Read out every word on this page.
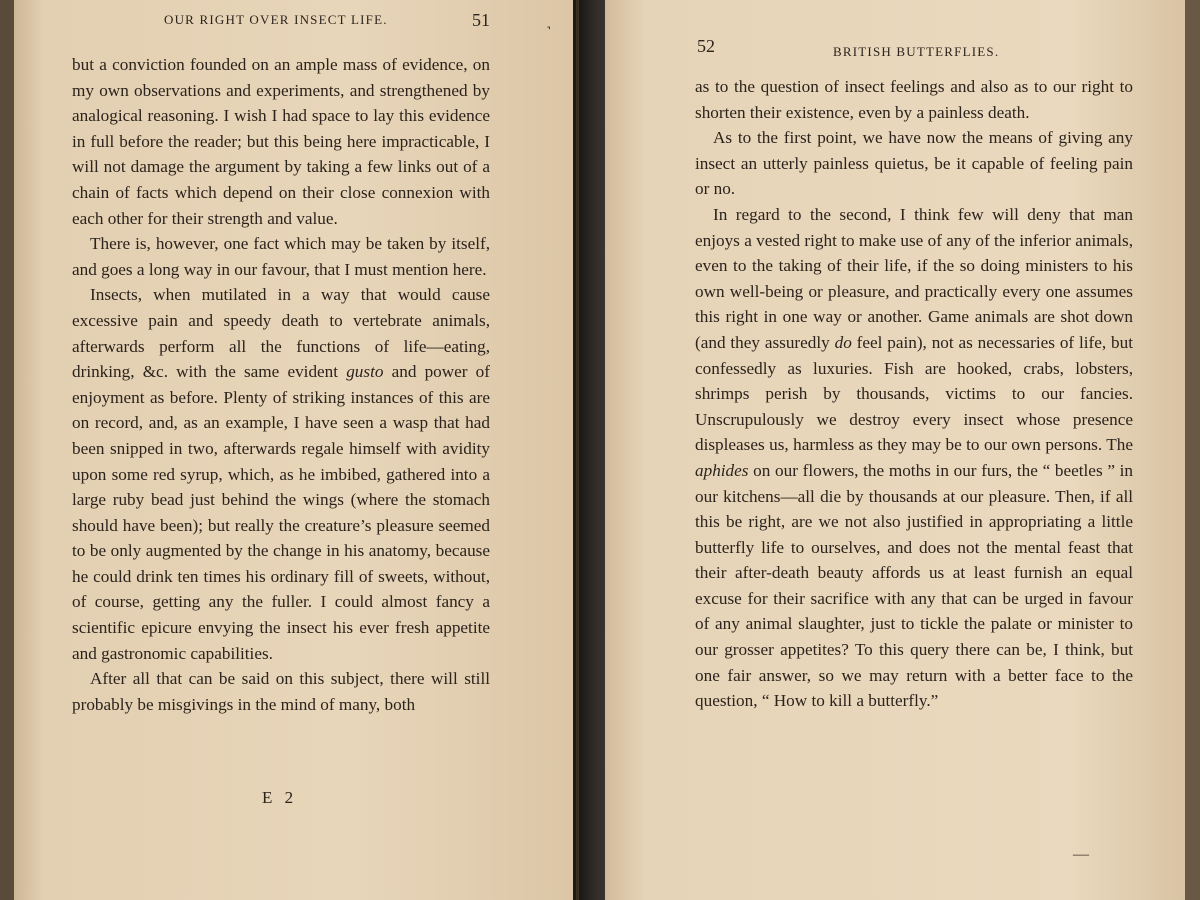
OUR RIGHT OVER INSECT LIFE.	51

but a conviction founded on an ample mass of evidence, on my own observations and experiments, and strengthened by analogical reasoning. I wish I had space to lay this evidence in full before the reader; but this being here impracticable, I will not damage the argument by taking a few links out of a chain of facts which depend on their close connexion with each other for their strength and value.

There is, however, one fact which may be taken by itself, and goes a long way in our favour, that I must mention here.

Insects, when mutilated in a way that would cause excessive pain and speedy death to vertebrate animals, afterwards perform all the functions of life—eating, drinking, &c. with the same evident gusto and power of enjoyment as before. Plenty of striking instances of this are on record, and, as an example, I have seen a wasp that had been snipped in two, afterwards regale himself with avidity upon some red syrup, which, as he imbibed, gathered into a large ruby bead just behind the wings (where the stomach should have been); but really the creature’s pleasure seemed to be only augmented by the change in his anatomy, because he could drink ten times his ordinary fill of sweets, without, of course, getting any the fuller. I could almost fancy a scientific epicure envying the insect his ever fresh appetite and gastronomic capabilities.

After all that can be said on this subject, there will still probably be misgivings in the mind of many, both

E 2
˺
52	BRITISH BUTTERFLIES.

as to the question of insect feelings and also as to our right to shorten their existence, even by a painless death.

As to the first point, we have now the means of giving any insect an utterly painless quietus, be it capable of feeling pain or no.

In regard to the second, I think few will deny that man enjoys a vested right to make use of any of the inferior animals, even to the taking of their life, if the so doing ministers to his own well-being or pleasure, and practically every one assumes this right in one way or another. Game animals are shot down (and they assuredly do feel pain), not as necessaries of life, but confessedly as luxuries. Fish are hooked, crabs, lobsters, shrimps perish by thousands, victims to our fancies. Unscrupulously we destroy every insect whose presence displeases us, harmless as they may be to our own persons. The aphides on our flowers, the moths in our furs, the “ beetles ” in our kitchens—all die by thousands at our pleasure. Then, if all this be right, are we not also justified in appropriating a little butterfly life to ourselves, and does not the mental feast that their after-death beauty affords us at least furnish an equal excuse for their sacrifice with any that can be urged in favour of any animal slaughter, just to tickle the palate or minister to our grosser appetites? To this query there can be, I think, but one fair answer, so we may return with a better face to the question, “ How to kill a butterfly.”

—
